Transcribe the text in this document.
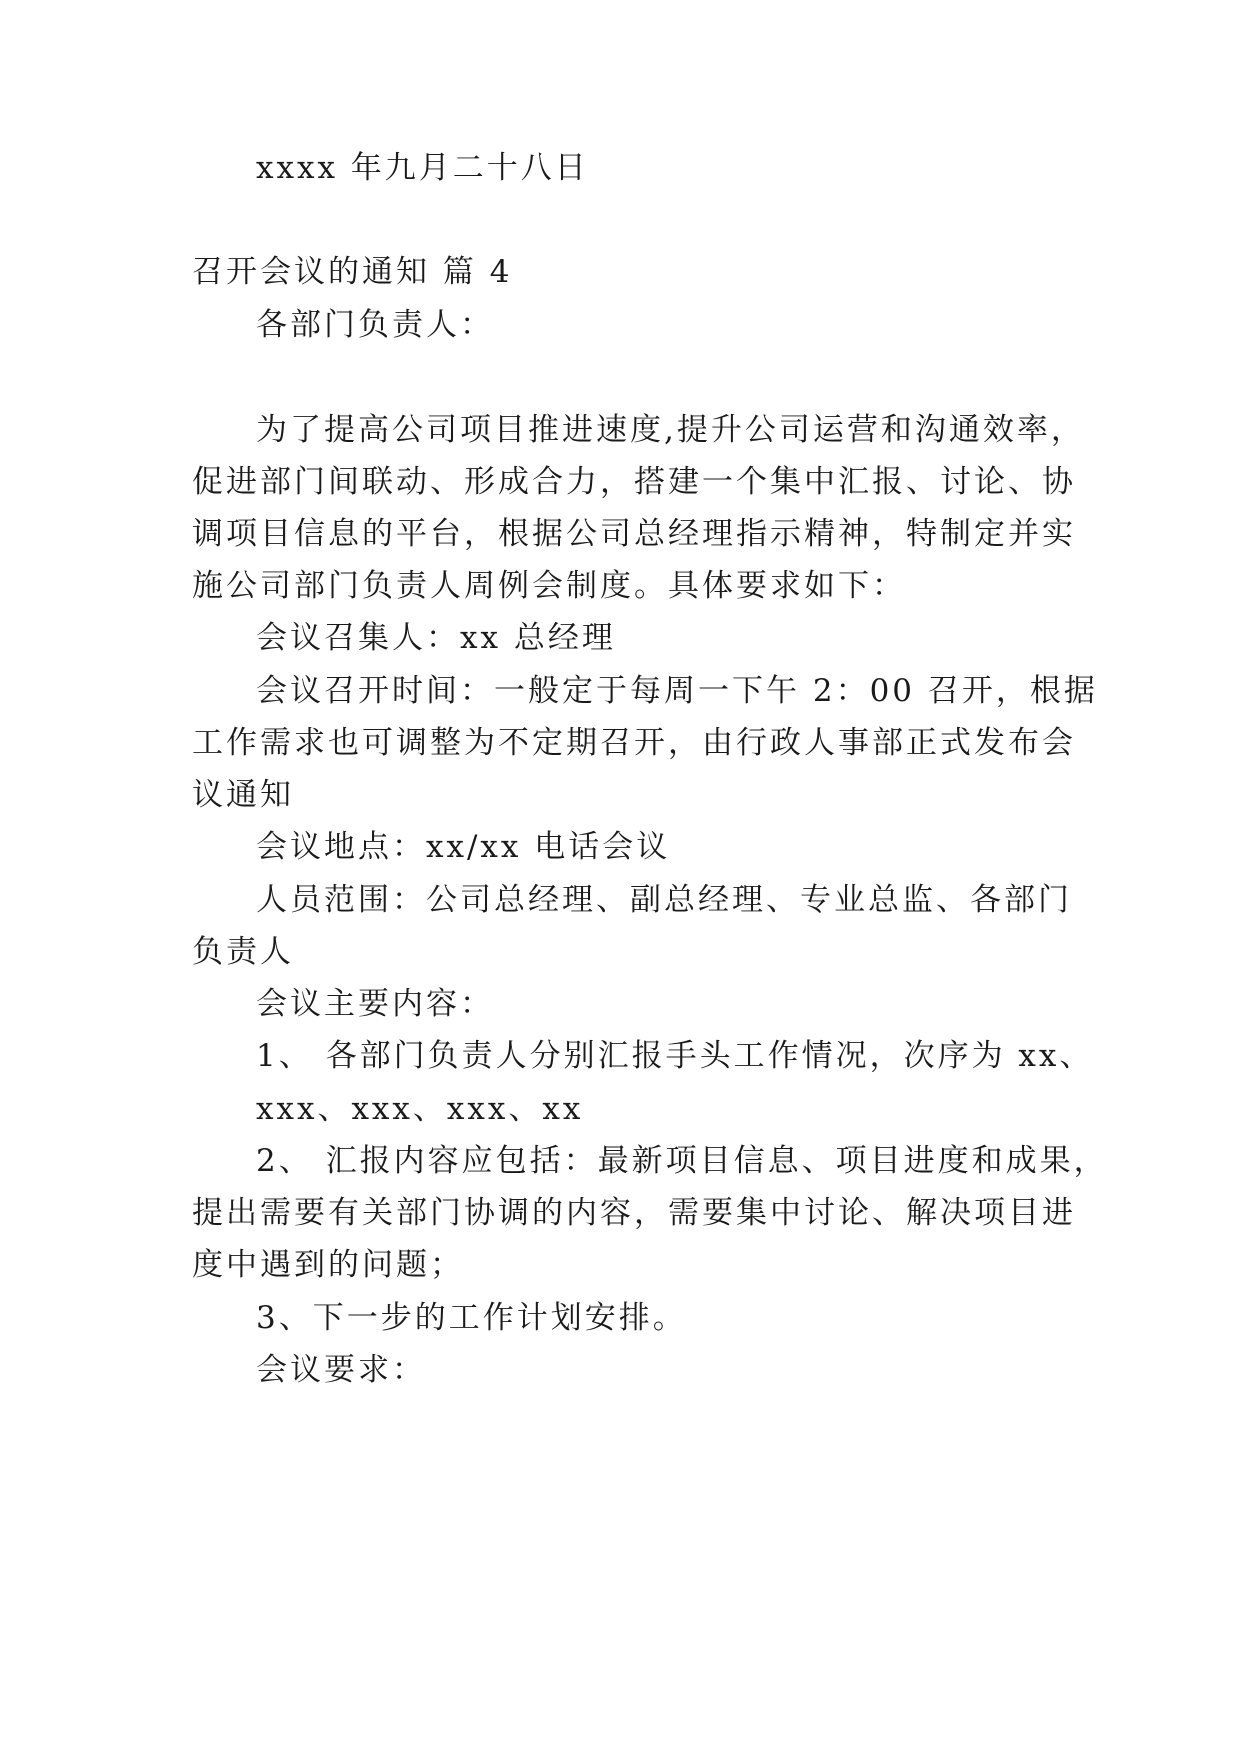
xxxx 年九月二十八日
召开会议的通知 篇 4
各部门负责人：
为了提高公司项目推进速度,提升公司运营和沟通效率，
促进部门间联动、形成合力，搭建一个集中汇报、讨论、协
调项目信息的平台，根据公司总经理指示精神，特制定并实
施公司部门负责人周例会制度。具体要求如下：
会议召集人：xx 总经理
会议召开时间：一般定于每周一下午 2：00 召开，根据
工作需求也可调整为不定期召开，由行政人事部正式发布会
议通知
会议地点：xx/xx 电话会议
人员范围：公司总经理、副总经理、专业总监、各部门
负责人
会议主要内容：
1、 各部门负责人分别汇报手头工作情况，次序为 xx、
xxx、xxx、xxx、xx
2、 汇报内容应包括：最新项目信息、项目进度和成果，
提出需要有关部门协调的内容，需要集中讨论、解决项目进
度中遇到的问题；
3、下一步的工作计划安排。
会议要求：
